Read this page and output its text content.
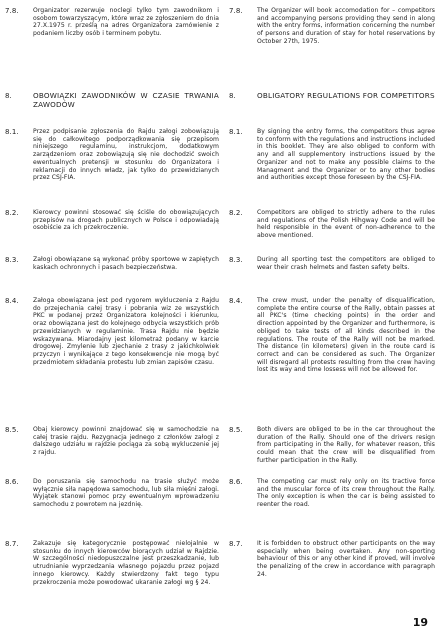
7.8. Organizator rezerwuje noclegi tylko tym zawodnikom i osobom towarzyszącym, które wraz ze zgłoszeniem do dnia 27.X.1975 r. prześlą na adres Organizatora zamówienie z podaniem liczby osób i terminem pobytu.
8.	OBOWIĄZKI ZAWODNIKÓW W CZASIE TRWANIA ZAWODÓW
8.1. Przez podpisanie zgłoszenia do Rajdu załogi zobowiązują się do całkowitego podporządkowania się przepisom niniejszego regulaminu, instrukcjom, dodatkowym zarządzeniom oraz zobowiązują się nie dochodzić swoich ewentualnych pretensji w stosunku do Organizatora i reklamacji do innych władz, jak tylko do przewidzianych przez CSJ-FIA.
8.2. Kierowcy powinni stosować się ściśle do obowiązujących przepisów na drogach publicznych w Polsce i odpowiadają osobiście za ich przekroczenie.
8.3. Załogi obowiązane są wykonać próby sportowe w zapiętych kaskach ochronnych i pasach bezpieczeństwa.
8.4. Załoga obowiązana jest pod rygorem wykluczenia z Rajdu do przejechania całej trasy i pobrania wiz ze wszystkich PKC w podanej przez Organizatora kolejności i kierunku, oraz obowiązana jest do kolejnego odbycia wszystkich prób przewidzianych w regulaminie. Trasa Rajdu nie będzie wskazywana. Miarodajny jest kilometraż podany w karcie drogowej. Zmylenie lub zjechanie z trasy z jakichkolwiek przyczyn i wynikające z tego konsekwencje nie mogą być przedmiotem składania protestu lub zmian zapisów czasu.
8.5. Obaj kierowcy powinni znajdować się w samochodzie na całej trasie rajdu. Rezygnacja jednego z członków załogi z dalszego udziału w rajdzie pociąga za sobą wykluczenie jej z rajdu.
8.6. Do poruszania się samochodu na trasie służyć może wyłącznie siła napędowa samochodu, lub siła mięśni załogi. Wyjątek stanowi pomoc przy ewentualnym wprowadzeniu samochodu z powrotem na jezdnię.
8.7. Zakazuje się kategorycznie postępować nielojalnie w stosunku do innych kierowców biorących udział w Rajdzie. W szczególności niedopuszczalne jest przeszkadzanie, lub utrudnianie wyprzedzania własnego pojazdu przez pojazd innego kierowcy. Każdy stwierdzony fakt tego typu przekroczenia może powodować ukaranie załogi wg § 24.
7.8. The Organizer will book accomodation for – competitors and accompanying persons providing they send in along with the entry forms, information concerning the number of persons and duration of stay for hotel reservations by October 27th, 1975.
8.	OBLIGATORY REGULATIONS FOR COMPETITORS
8.1. By signing the entry forms, the competitors thus agree to conform with the regulations and instructions included in this booklet. They are also obliged to conform with any and all supplementory instructions issued by the Organizer and not to make any possible claims to the Managment and the Organizer or to any other bodies and authorities except those foreseen by the CSJ-FIA.
8.2. Competitors are obliged to strictly adhere to the rules and regulations of the Polish Hihgway Code and will be held responsible in the event of non-adherence to the above mentioned.
8.3. During all sporting test the competitors are obliged to wear their crash helmets and fasten safety belts.
8.4. The crew must, under the penalty of disqualification, complete the entire course of the Rally, obtain passes at all PKC's (time checking points) in the order and direction appointed by the Organizer and furthermore, is obliged to take tests of all kinds described in the regulations. The route of the Rally will not be marked. The distance (in kilometers) given in the route card is correct and can be considered as such. The Organizer will disregard all protests resulting from the crew having lost its way and time lossess will not be allowed for.
8.5. Both divers are obliged to be in the car throughout the duration of the Rally. Should one of the drivers resign from participating in the Rally, for whatever reason, this could mean that the crew will be disqualified from further participation in the Rally.
8.6. The competing car must rely only on its tractive force and the muscular force of its crew throughout the Rally. The only exception is when the car is being assisted to reenter the road.
8.7. It is forbidden to obstruct other participants on the way especially when being overtaken. Any non-sporting behaviour of this or any other kind if proved, will involve the penalizing of the crew in accordance with paragraph 24.
19
